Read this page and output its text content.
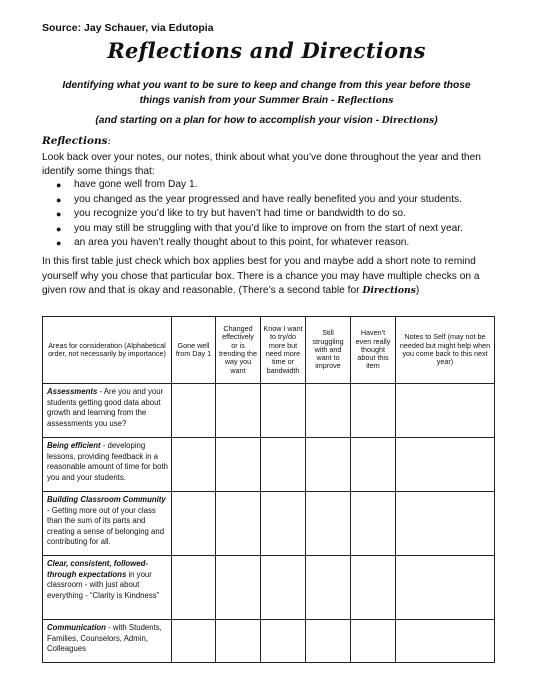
Source: Jay Schauer, via Edutopia
Reflections and Directions
Identifying what you want to be sure to keep and change from this year before those things vanish from your Summer Brain - Reflections
(and starting on a plan for how to accomplish your vision - Directions)
Reflections:
Look back over your notes, our notes, think about what you’ve done throughout the year and then identify some things that:
● have gone well from Day 1.
● you changed as the year progressed and have really benefited you and your students.
● you recognize you’d like to try but haven’t had time or bandwidth to do so.
● you may still be struggling with that you’d like to improve on from the start of next year.
● an area you haven’t really thought about to this point, for whatever reason.
In this first table just check which box applies best for you and maybe add a short note to remind yourself why you chose that particular box. There is a chance you may have multiple checks on a given row and that is okay and reasonable. (There’s a second table for Directions)
Areas for consideration (Alphabetical order, not necessarily by importance)	Gone well from Day 1	Changed effectively or is trending the way you want	Know I want to try/do more but need more time or bandwidth	Still struggling with and want to improve	Haven’t even really thought about this item	Notes to Self (may not be needed but might help when you come back to this next year)
Assessments - Are you and your students getting good data about growth and learning from the assessments you use?						
Being efficient - developing lessons, providing feedback in a reasonable amount of time for both you and your students.						
Building Classroom Community - Getting more out of your class than the sum of its parts and creating a sense of belonging and contributing for all.						
Clear, consistent, followed-through expectations in your classroom - with just about everything - “Clarity is Kindness”						
Communication - with Students, Families, Counselors, Admin, Colleagues						
